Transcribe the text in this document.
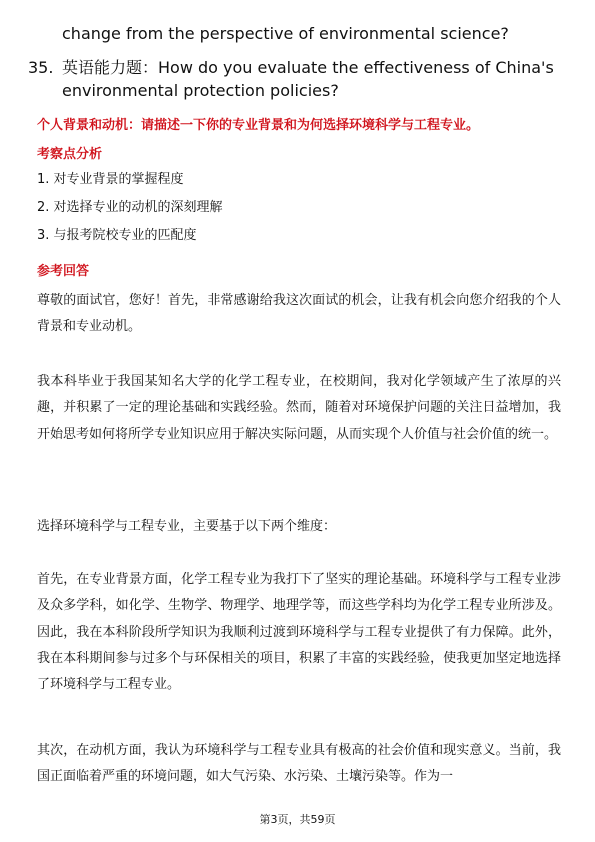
change from the perspective of environmental science?

35. 英语能力题：How do you evaluate the effectiveness of China's environmental protection policies?

个人背景和动机：请描述一下你的专业背景和为何选择环境科学与工程专业。

考察点分析

1. 对专业背景的掌握程度

2. 对选择专业的动机的深刻理解

3. 与报考院校专业的匹配度

参考回答

尊敬的面试官，您好！首先，非常感谢给我这次面试的机会，让我有机会向您介绍我的个人背景和专业动机。

我本科毕业于我国某知名大学的化学工程专业，在校期间，我对化学领域产生了浓厚的兴趣，并积累了一定的理论基础和实践经验。然而，随着对环境保护问题的关注日益增加，我开始思考如何将所学专业知识应用于解决实际问题，从而实现个人价值与社会价值的统一。

选择环境科学与工程专业，主要基于以下两个维度：

首先，在专业背景方面，化学工程专业为我打下了坚实的理论基础。环境科学与工程专业涉及众多学科，如化学、生物学、物理学、地理学等，而这些学科均为化学工程专业所涉及。因此，我在本科阶段所学知识为我顺利过渡到环境科学与工程专业提供了有力保障。此外，我在本科期间参与过多个与环保相关的项目，积累了丰富的实践经验，使我更加坚定地选择了环境科学与工程专业。

其次，在动机方面，我认为环境科学与工程专业具有极高的社会价值和现实意义。当前，我国正面临着严重的环境问题，如大气污染、水污染、土壤污染等。作为一

第3页，共59页
